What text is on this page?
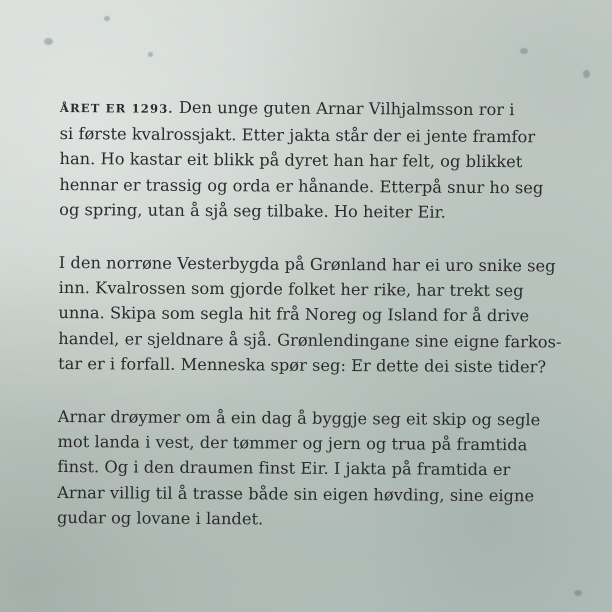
ÅRET ER 1293. Den unge guten Arnar Vilhjalmsson ror i
si første kvalrossjakt. Etter jakta står der ei jente framfor
han. Ho kastar eit blikk på dyret han har felt, og blikket
hennar er trassig og orda er hånande. Etterpå snur ho seg
og spring, utan å sjå seg tilbake. Ho heiter Eir.

I den norrøne Vesterbygda på Grønland har ei uro snike seg
inn. Kvalrossen som gjorde folket her rike, har trekt seg
unna. Skipa som segla hit frå Noreg og Island for å drive
handel, er sjeldnare å sjå. Grønlendingane sine eigne farkos-
tar er i forfall. Menneska spør seg: Er dette dei siste tider?

Arnar drøymer om å ein dag å byggje seg eit skip og segle
mot landa i vest, der tømmer og jern og trua på framtida
finst. Og i den draumen finst Eir. I jakta på framtida er
Arnar villig til å trasse både sin eigen høvding, sine eigne
gudar og lovane i landet.
